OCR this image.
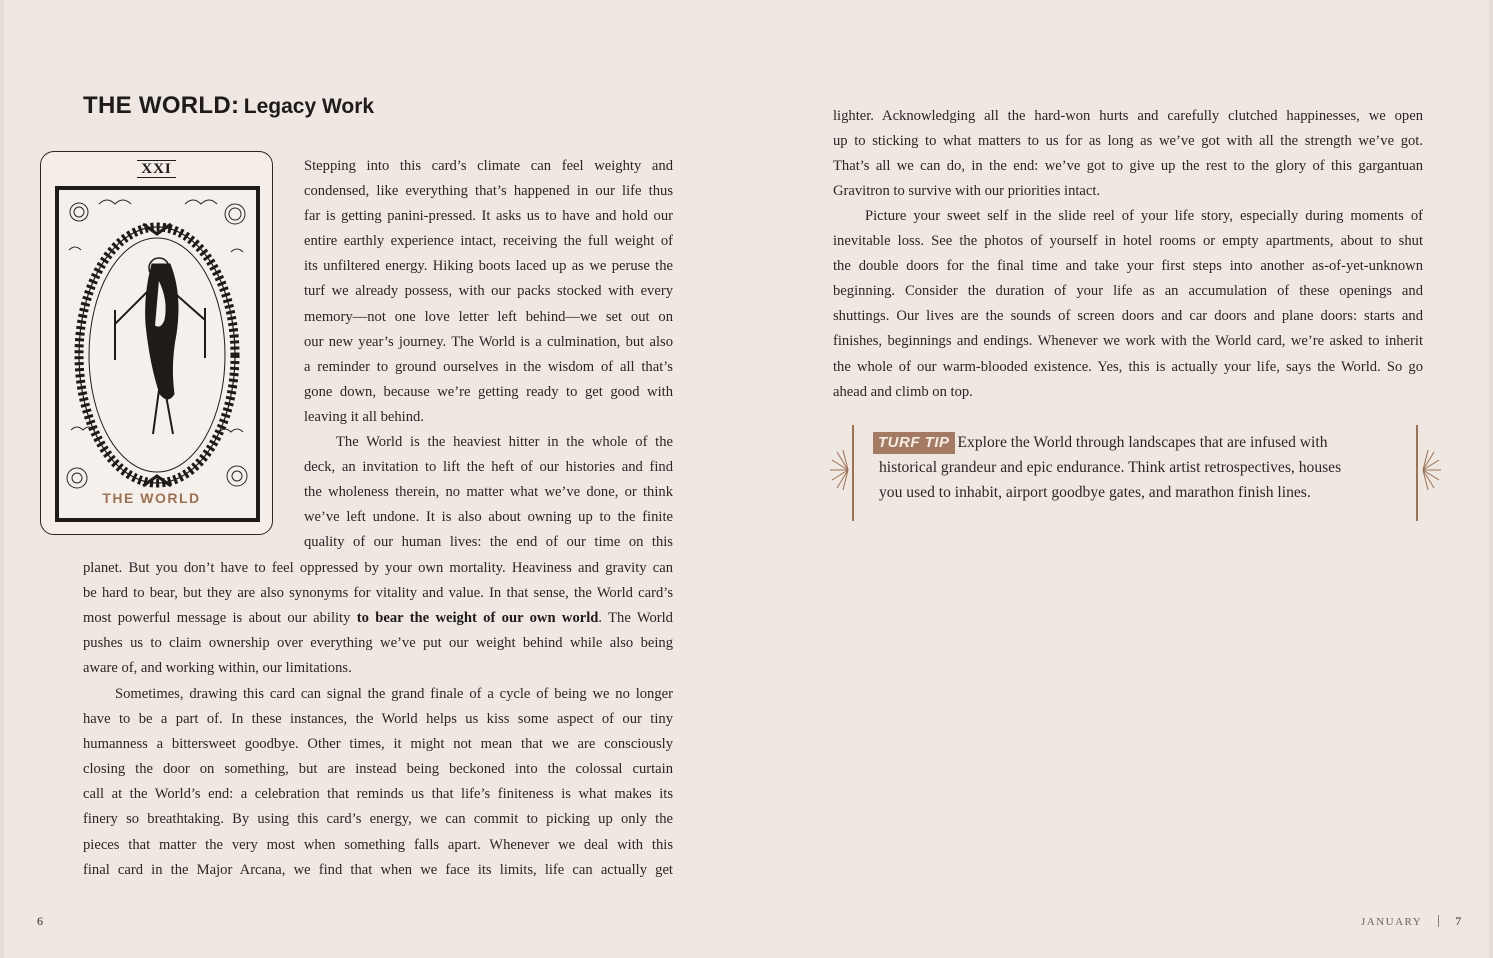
THE WORLD: Legacy Work
XXI
THE WORLD
Stepping into this card’s climate can feel weighty and
condensed, like everything that’s happened in our life thus
far is getting panini-pressed. It asks us to have and hold our
entire earthly experience intact, receiving the full weight of
its unfiltered energy. Hiking boots laced up as we peruse the
turf we already possess, with our packs stocked with every
memory—not one love letter left behind—we set out on
our new year’s journey. The World is a culmination, but also
a reminder to ground ourselves in the wisdom of all that’s
gone down, because we’re getting ready to get good with
leaving it all behind.
The World is the heaviest hitter in the whole of the
deck, an invitation to lift the heft of our histories and find
the wholeness therein, no matter what we’ve done, or think
we’ve left undone. It is also about owning up to the finite
quality of our human lives: the end of our time on this
planet. But you don’t have to feel oppressed by your own mortality. Heaviness and gravity can
be hard to bear, but they are also synonyms for vitality and value. In that sense, the World card’s
most powerful message is about our ability to bear the weight of our own world. The World
pushes us to claim ownership over everything we’ve put our weight behind while also being
aware of, and working within, our limitations.
Sometimes, drawing this card can signal the grand finale of a cycle of being we no longer
have to be a part of. In these instances, the World helps us kiss some aspect of our tiny
humanness a bittersweet goodbye. Other times, it might not mean that we are consciously
closing the door on something, but are instead being beckoned into the colossal curtain
call at the World’s end: a celebration that reminds us that life’s finiteness is what makes its
finery so breathtaking. By using this card’s energy, we can commit to picking up only the
pieces that matter the very most when something falls apart. Whenever we deal with this
final card in the Major Arcana, we find that when we face its limits, life can actually get
lighter. Acknowledging all the hard-won hurts and carefully clutched happinesses, we open
up to sticking to what matters to us for as long as we’ve got with all the strength we’ve got.
That’s all we can do, in the end: we’ve got to give up the rest to the glory of this gargantuan
Gravitron to survive with our priorities intact.
Picture your sweet self in the slide reel of your life story, especially during moments of
inevitable loss. See the photos of yourself in hotel rooms or empty apartments, about to shut
the double doors for the final time and take your first steps into another as-of-yet-unknown
beginning. Consider the duration of your life as an accumulation of these openings and
shuttings. Our lives are the sounds of screen doors and car doors and plane doors: starts and
finishes, beginnings and endings. Whenever we work with the World card, we’re asked to inherit
the whole of our warm-blooded existence. Yes, this is actually your life, says the World. So go
ahead and climb on top.
TURF TIP Explore the World through landscapes that are infused with
historical grandeur and epic endurance. Think artist retrospectives, houses
you used to inhabit, airport goodbye gates, and marathon finish lines.
6	JANUARY	7
